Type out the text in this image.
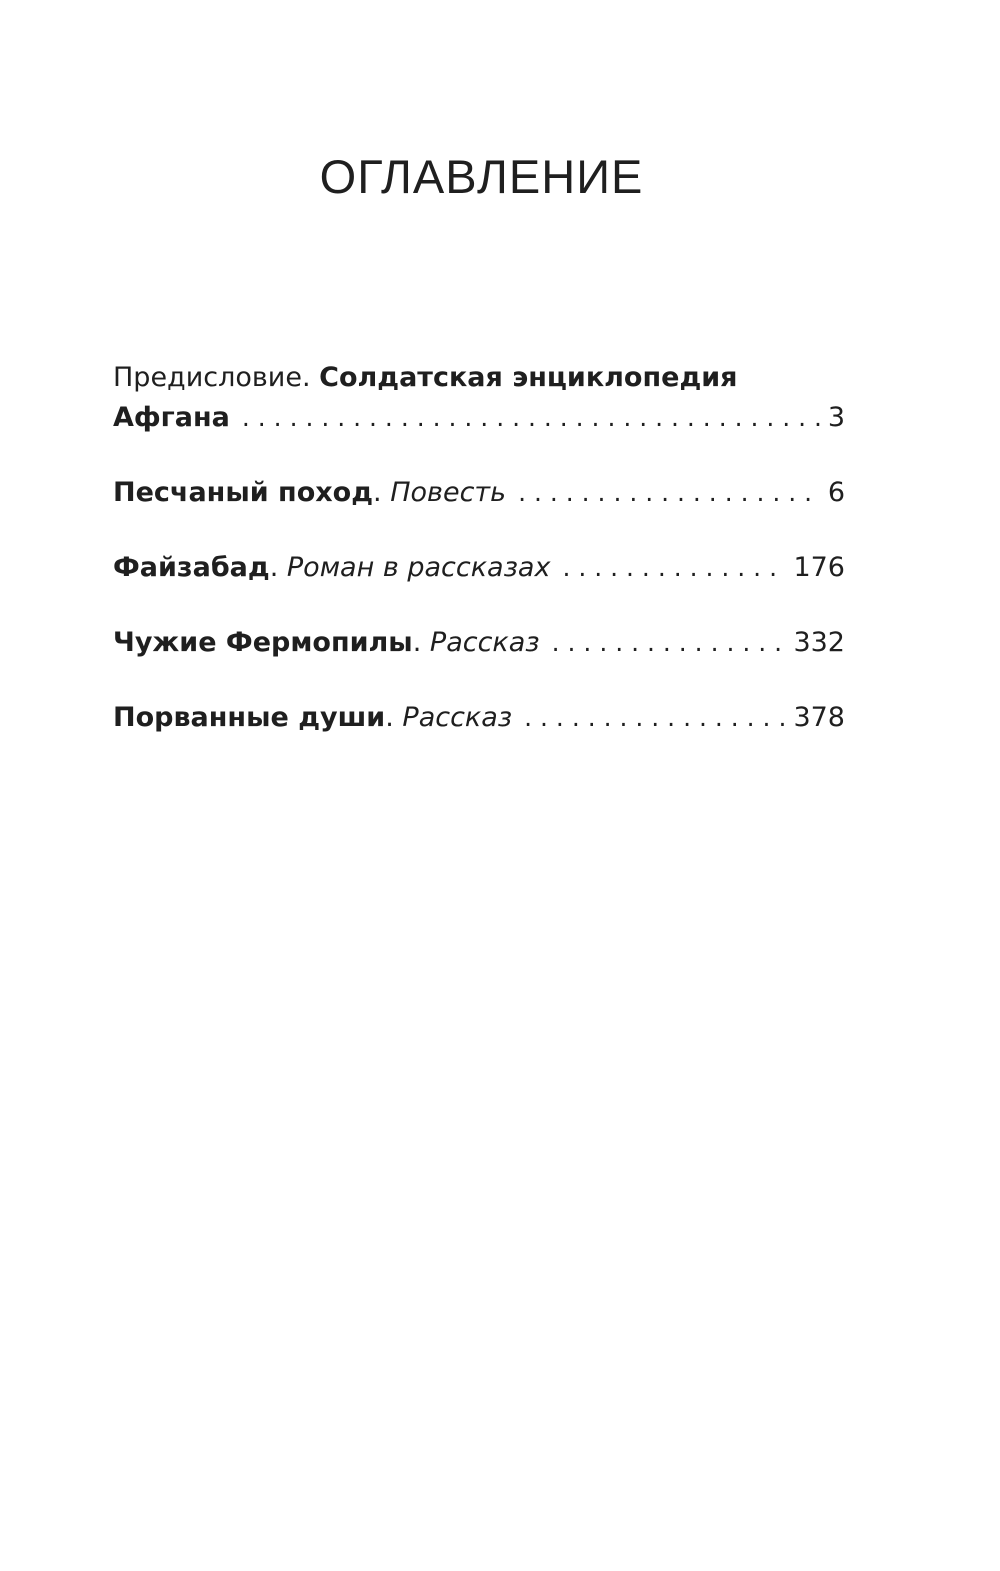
ОГЛАВЛЕНИЕ
Предисловие. Солдатская энциклопедия
Афгана . . .	3
Песчаный поход. Повесть . . .	6
Файзабад. Роман в рассказах . . .	176
Чужие Фермопилы. Рассказ . . .	332
Порванные души. Рассказ . . .	378
